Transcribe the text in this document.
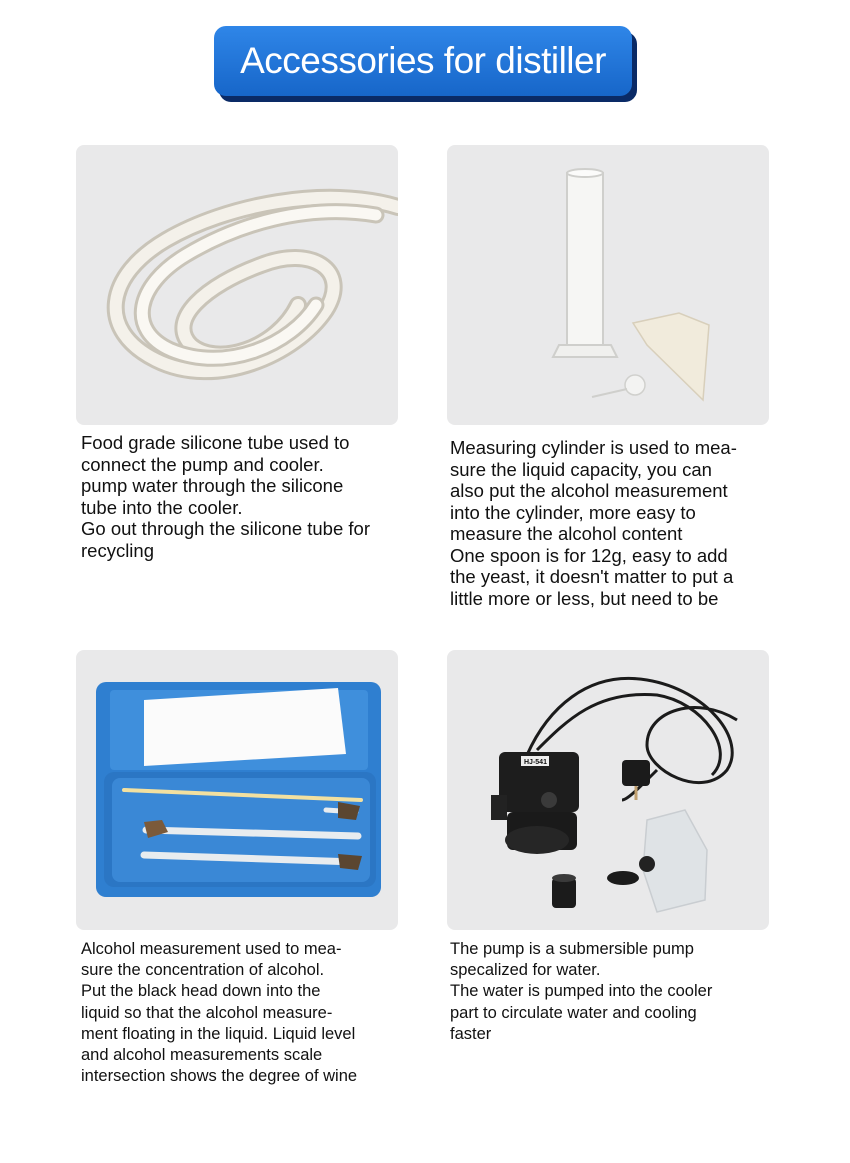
Accessories for distiller
HJ-541
Food grade silicone tube used to
connect the pump and cooler.
pump water through the silicone
tube into the cooler.
Go out through the silicone tube for
recycling
Measuring cylinder is used to mea-
sure the liquid capacity, you can
also put the alcohol measurement
into the cylinder, more easy to
measure the alcohol content
One spoon is for 12g, easy to add
the yeast, it doesn't matter to put a
little more or less, but need to be
Alcohol measurement used to mea-
sure the concentration of alcohol.
Put the black head down into the
liquid so that the alcohol measure-
ment floating in the liquid. Liquid level
and alcohol measurements scale
intersection shows the degree of wine
The pump is a submersible pump
specalized for water.
The water is pumped into the cooler
part to circulate water and cooling
faster
